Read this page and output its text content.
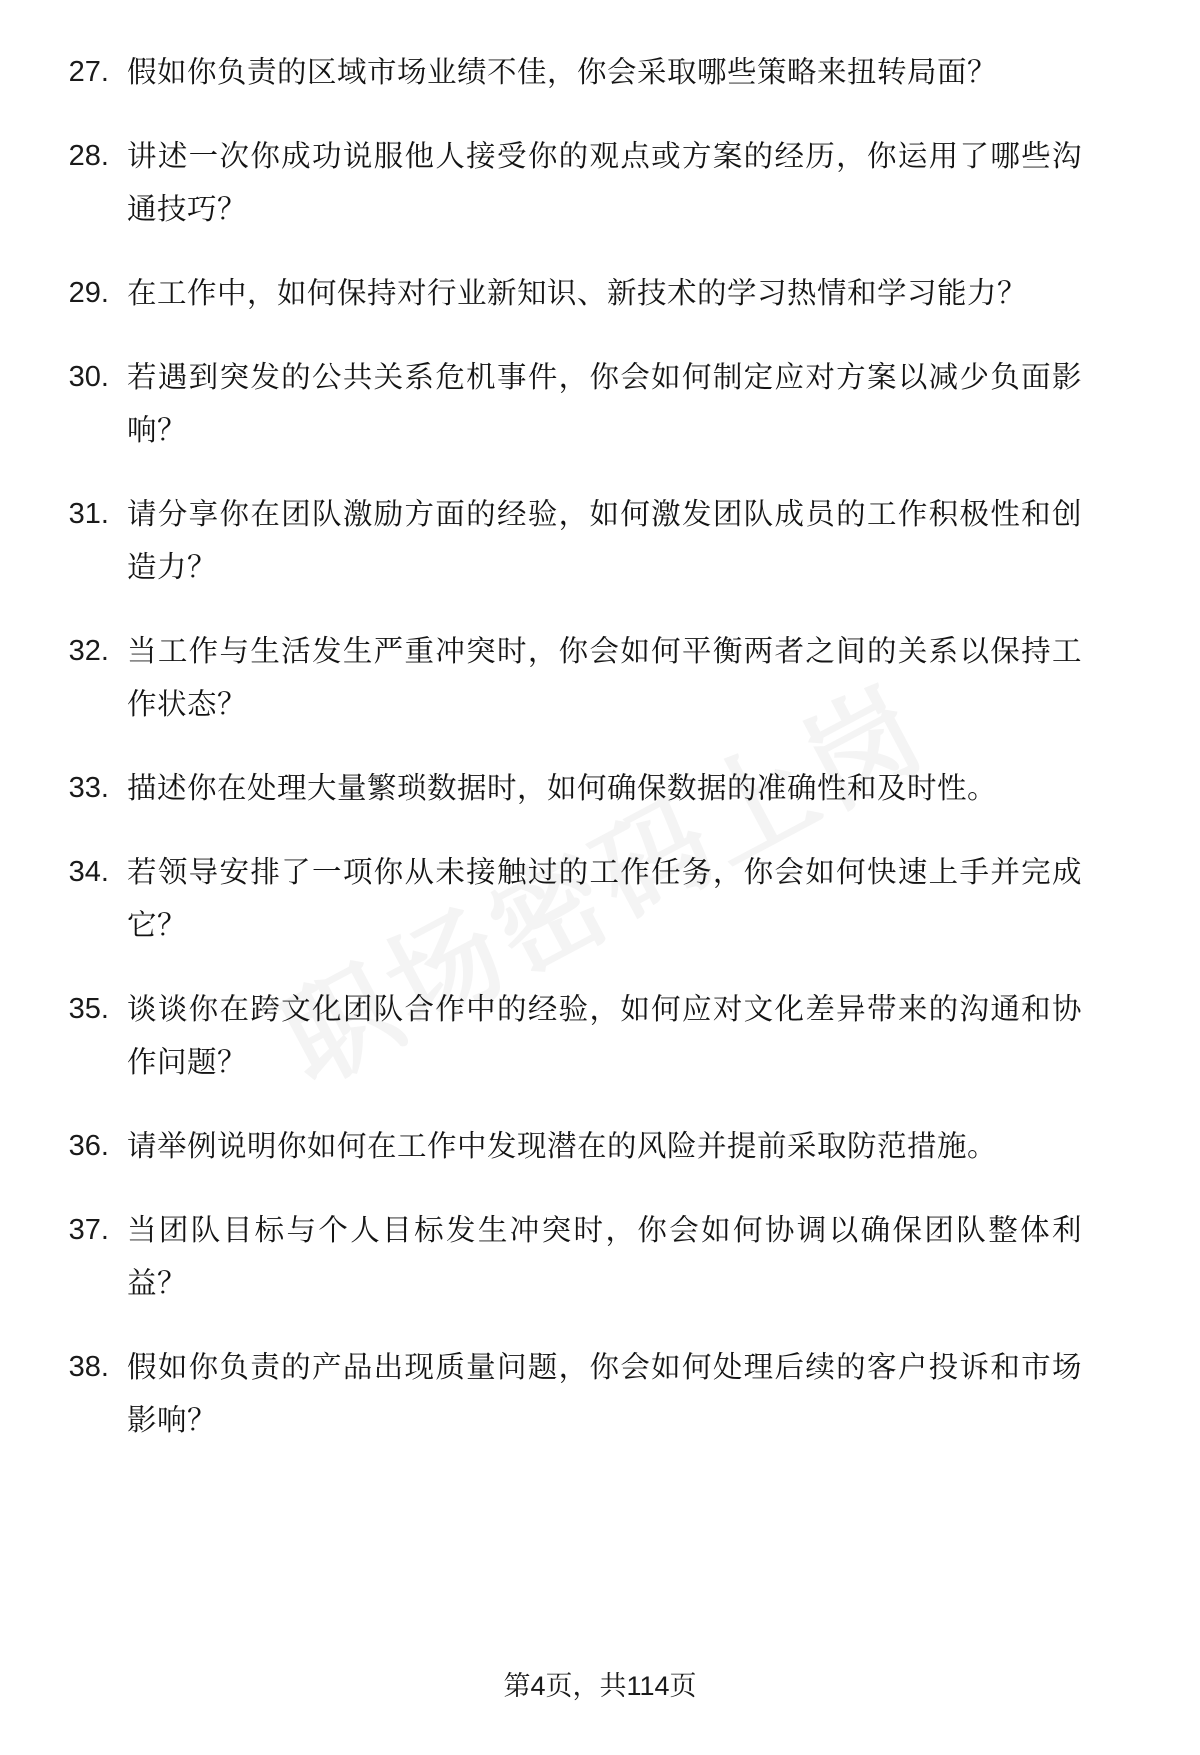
27. 假如你负责的区域市场业绩不佳，你会采取哪些策略来扭转局面？
28. 讲述一次你成功说服他人接受你的观点或方案的经历，你运用了哪些沟通技巧？
29. 在工作中，如何保持对行业新知识、新技术的学习热情和学习能力？
30. 若遇到突发的公共关系危机事件，你会如何制定应对方案以减少负面影响？
31. 请分享你在团队激励方面的经验，如何激发团队成员的工作积极性和创造力？
32. 当工作与生活发生严重冲突时，你会如何平衡两者之间的关系以保持工作状态？
33. 描述你在处理大量繁琐数据时，如何确保数据的准确性和及时性。
34. 若领导安排了一项你从未接触过的工作任务，你会如何快速上手并完成它？
35. 谈谈你在跨文化团队合作中的经验，如何应对文化差异带来的沟通和协作问题？
36. 请举例说明你如何在工作中发现潜在的风险并提前采取防范措施。
37. 当团队目标与个人目标发生冲突时，你会如何协调以确保团队整体利益？
38. 假如你负责的产品出现质量问题，你会如何处理后续的客户投诉和市场影响？
第4页，共114页
